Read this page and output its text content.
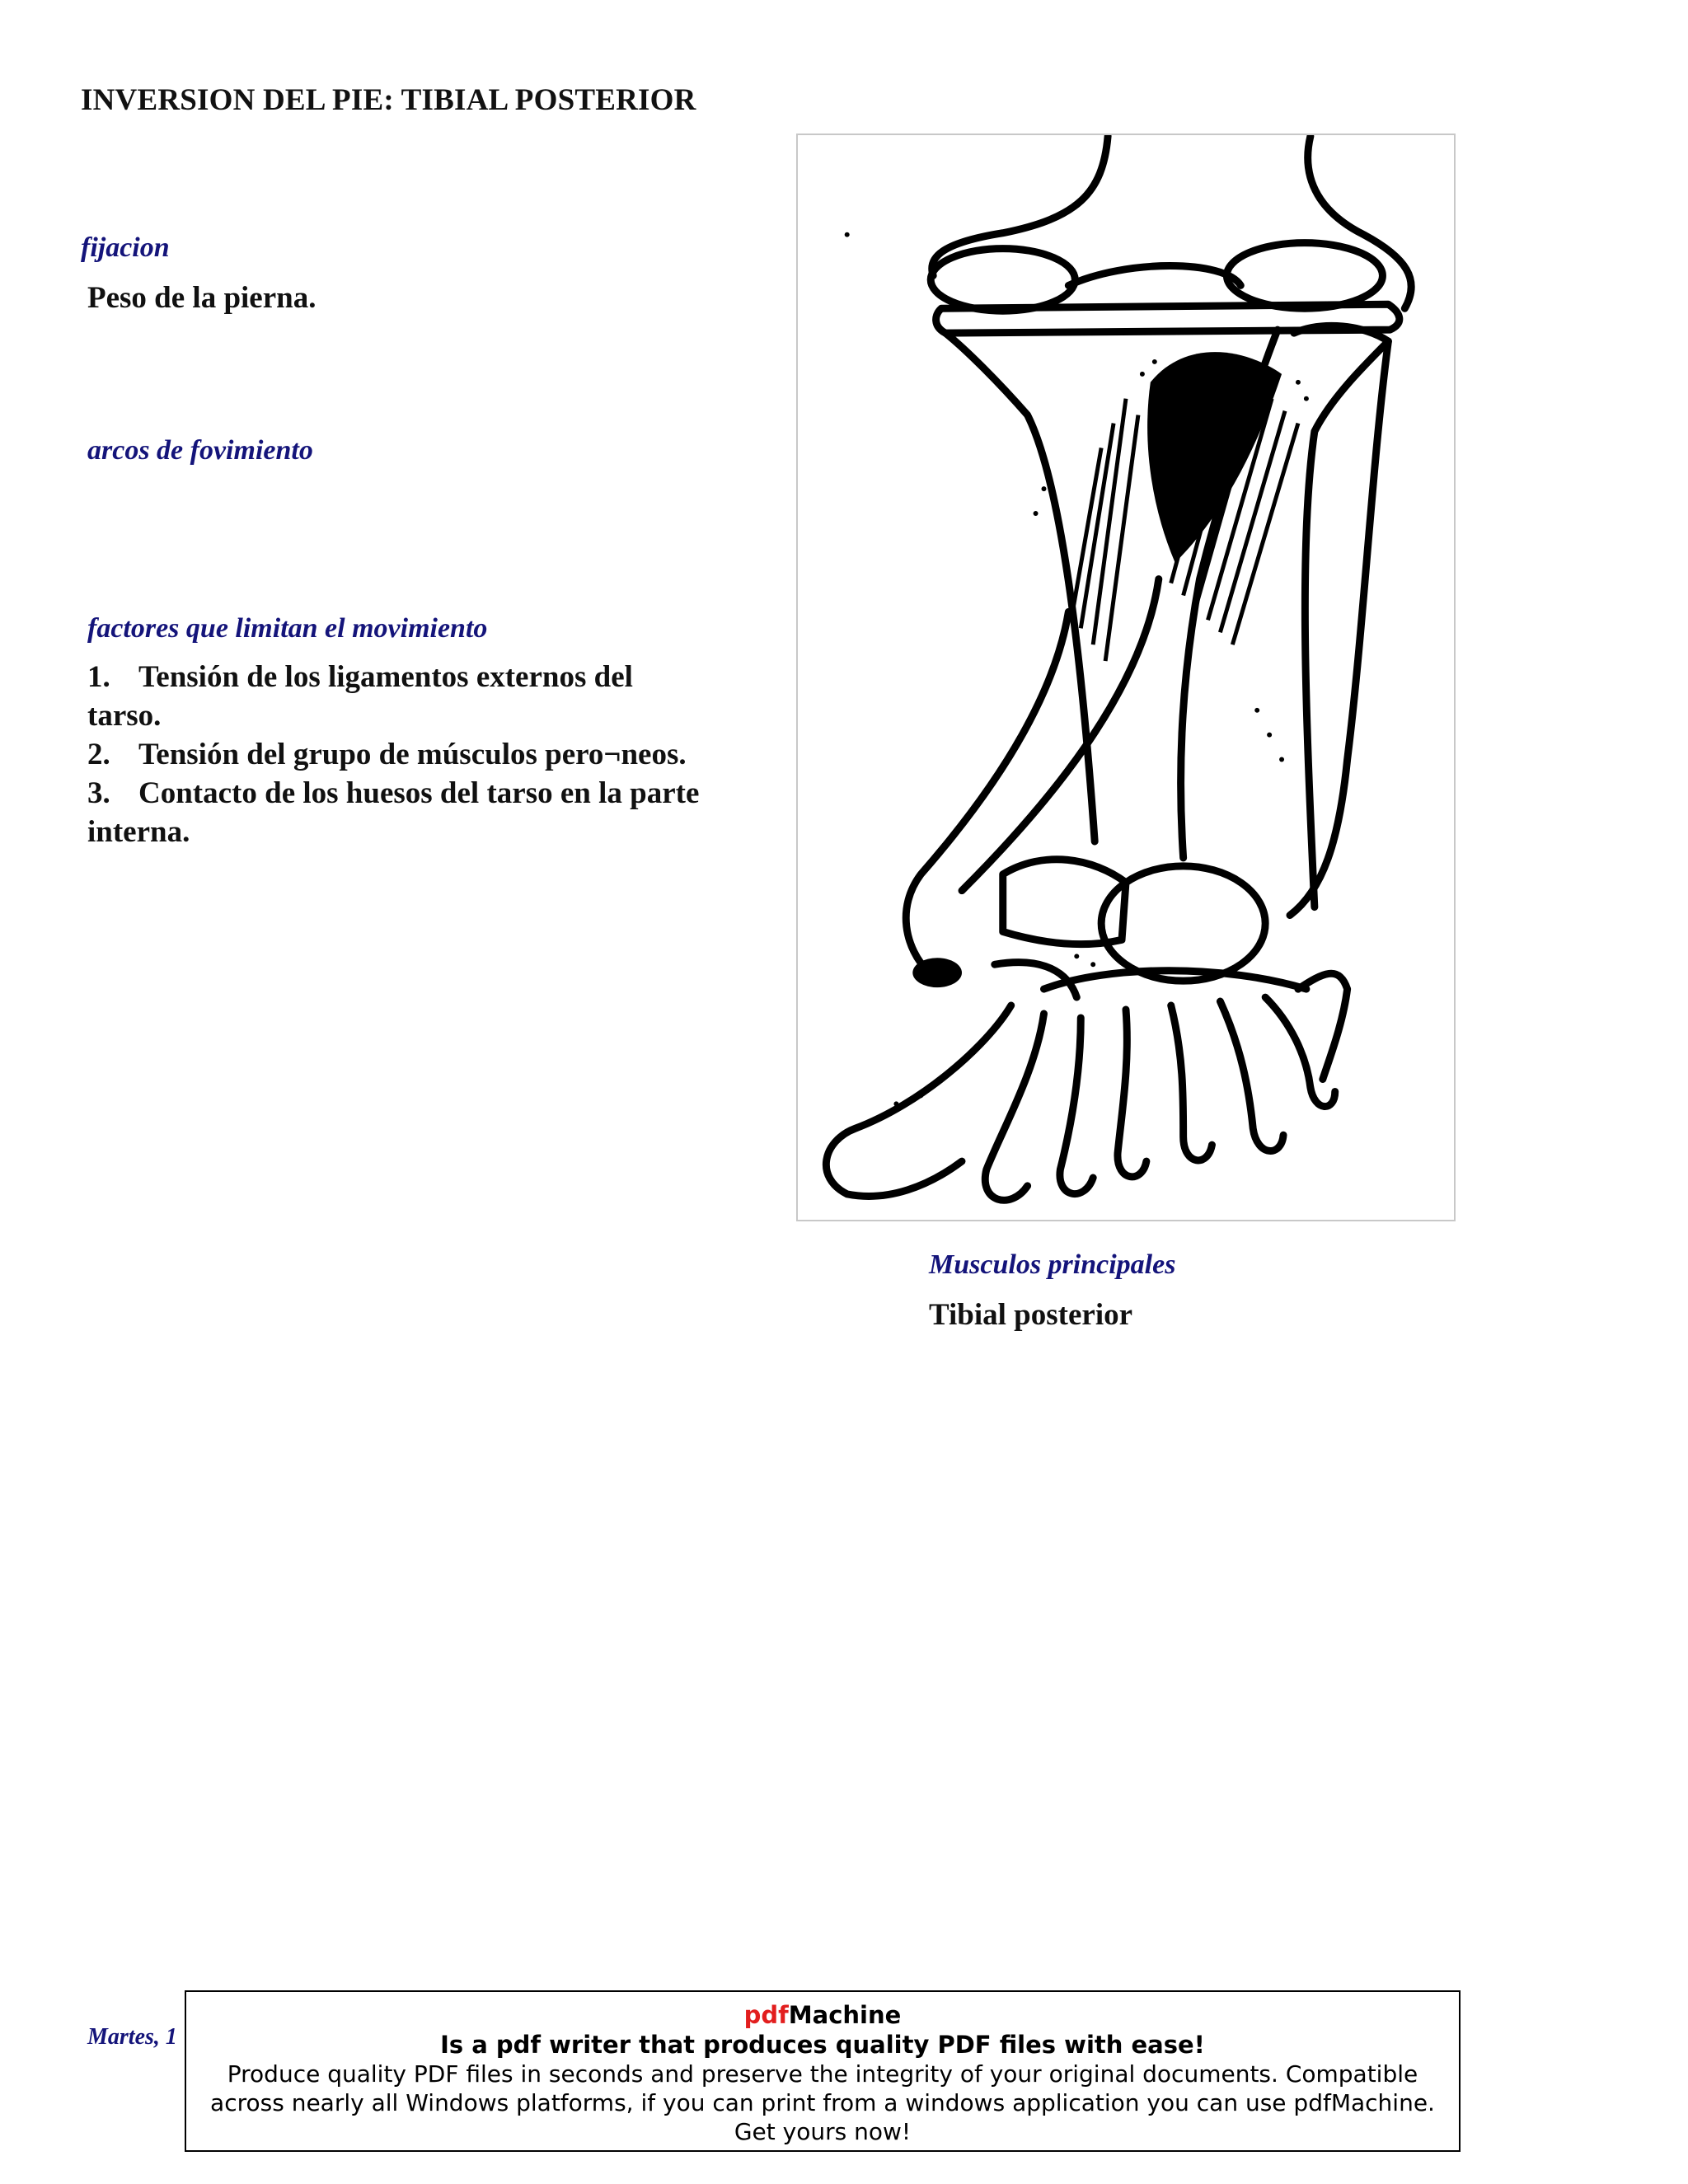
INVERSION DEL PIE: TIBIAL POSTERIOR
fijacion
Peso de la pierna.
arcos de fovimiento
factores que limitan el movimiento
1. Tensión de los ligamentos externos del
tarso.
2. Tensión del grupo de músculos pero¬neos.
3. Contacto de los huesos del tarso en la parte
interna.
Musculos principales
Tibial posterior
Martes, 1
pdfMachine
Is a pdf writer that produces quality PDF files with ease!
Produce quality PDF files in seconds and preserve the integrity of your original documents. Compatible across nearly all Windows platforms, if you can print from a windows application you can use pdfMachine.
Get yours now!
